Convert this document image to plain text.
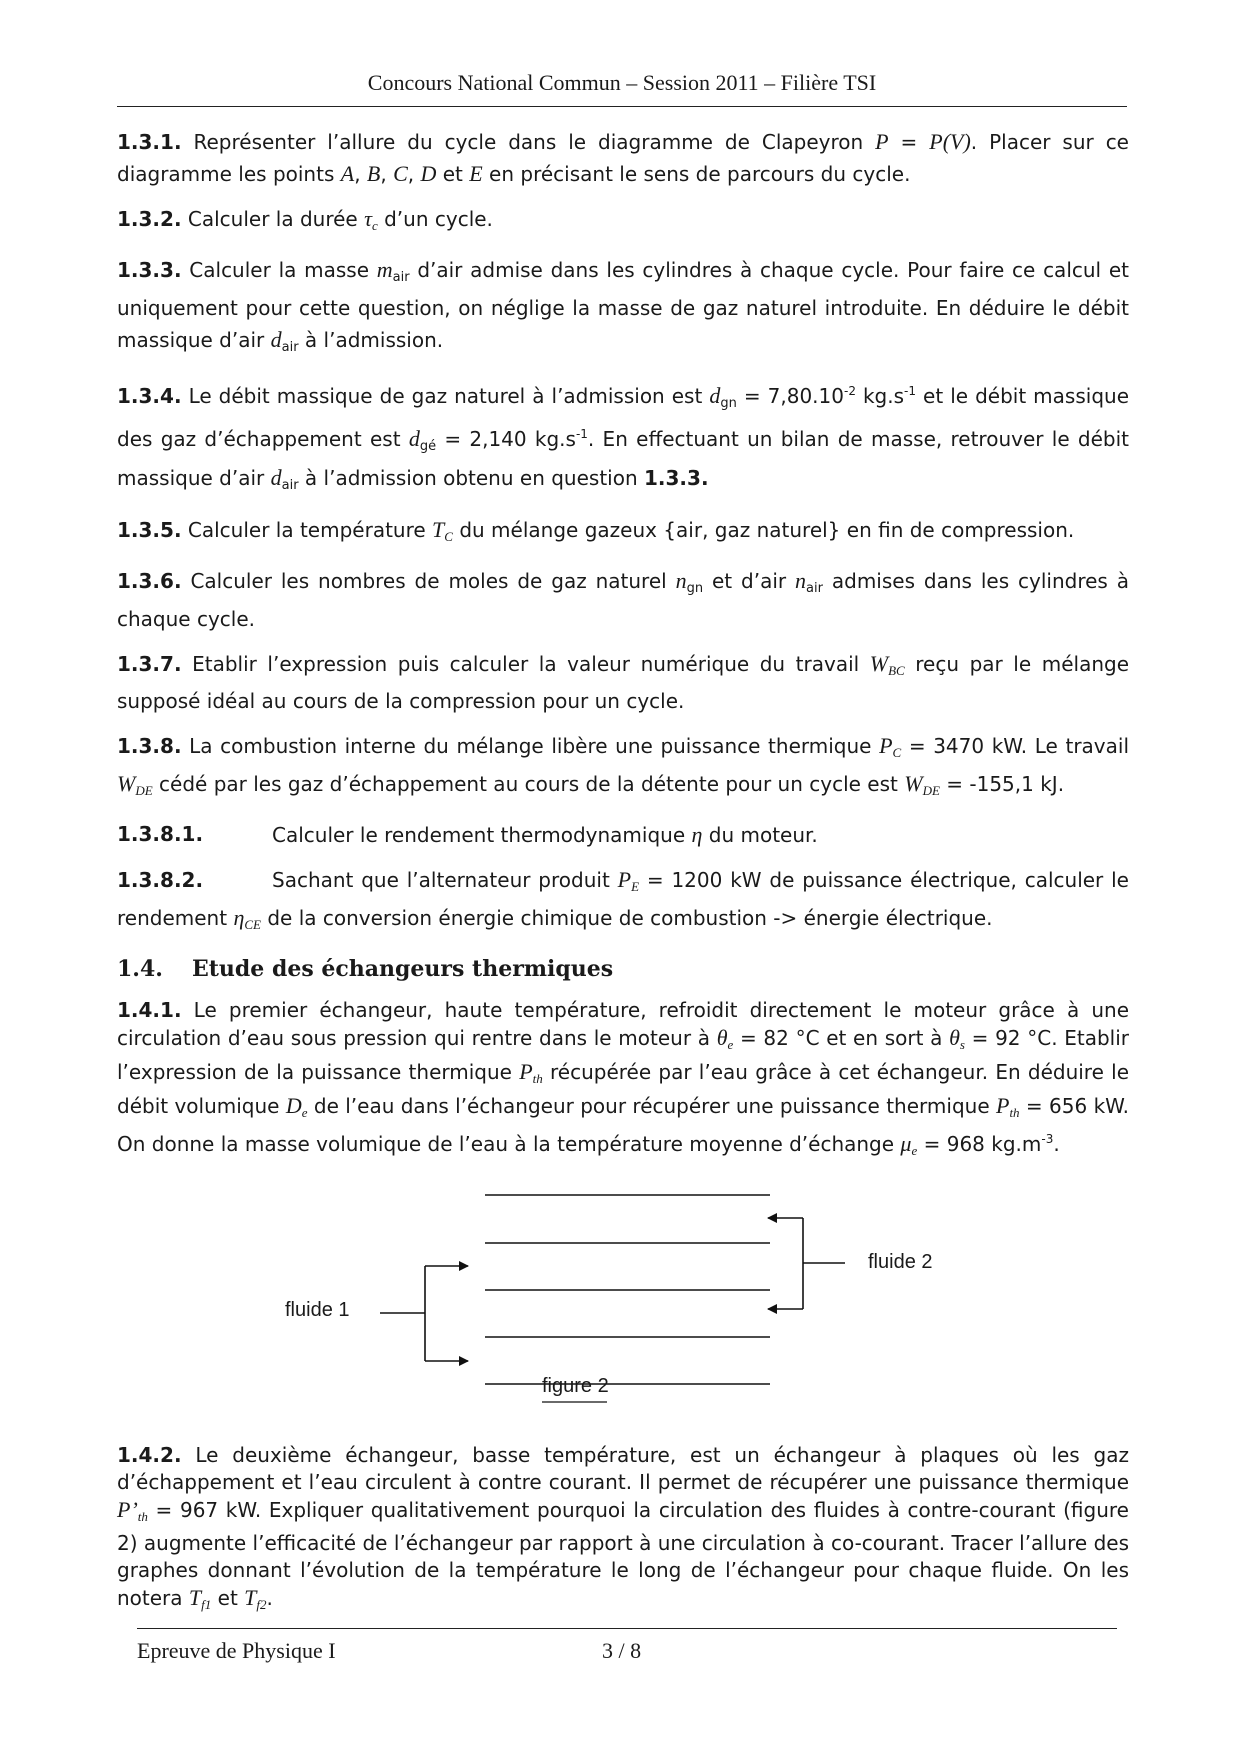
Concours National Commun – Session 2011 – Filière TSI

1.3.1. Représenter l’allure du cycle dans le diagramme de Clapeyron P = P(V). Placer sur ce diagramme les points A, B, C, D et E en précisant le sens de parcours du cycle.

1.3.2. Calculer la durée $\tau_c$ d’un cycle.

1.3.3. Calculer la masse $m_{air}$ d’air admise dans les cylindres à chaque cycle. Pour faire ce calcul et uniquement pour cette question, on néglige la masse de gaz naturel introduite. En déduire le débit massique d’air $d_{air}$ à l’admission.

1.3.4. Le débit massique de gaz naturel à l’admission est $d_{gn} = 7,80.10^{-2}$ $kg.s^{-1}$ et le débit massique des gaz d’échappement est $d_{gé} = 2,140$ $kg.s^{-1}$. En effectuant un bilan de masse, retrouver le débit massique d’air $d_{air}$ à l’admission obtenu en question 1.3.3.

1.3.5. Calculer la température $T_C$ du mélange gazeux {air, gaz naturel} en fin de compression.

1.3.6. Calculer les nombres de moles de gaz naturel $n_{gn}$ et d’air $n_{air}$ admises dans les cylindres à chaque cycle.

1.3.7. Etablir l’expression puis calculer la valeur numérique du travail $W_{BC}$ reçu par le mélange supposé idéal au cours de la compression pour un cycle.

1.3.8. La combustion interne du mélange libère une puissance thermique $P_C = 3470$ kW. Le travail $W_{DE}$ cédé par les gaz d’échappement au cours de la détente pour un cycle est $W_{DE} = -155,1$ kJ.

1.3.8.1.	Calculer le rendement thermodynamique η du moteur.

1.3.8.2.	Sachant que l’alternateur produit $P_E = 1200$ kW de puissance électrique, calculer le rendement $\eta_{CE}$ de la conversion énergie chimique de combustion -> énergie électrique.

1.4. Etude des échangeurs thermiques

1.4.1. Le premier échangeur, haute température, refroidit directement le moteur grâce à une circulation d’eau sous pression qui rentre dans le moteur à $\theta_e = 82$ °C et en sort à $\theta_s = 92$ °C. Etablir l’expression de la puissance thermique $P_{th}$ récupérée par l’eau grâce à cet échangeur. En déduire le débit volumique $D_e$ de l’eau dans l’échangeur pour récupérer une puissance thermique $P_{th} = 656$ kW. On donne la masse volumique de l’eau à la température moyenne d’échange $\mu_e = 968$ $kg.m^{-3}$.

fluide 1
fluide 2
figure 2

1.4.2. Le deuxième échangeur, basse température, est un échangeur à plaques où les gaz d’échappement et l’eau circulent à contre courant. Il permet de récupérer une puissance thermique $P’_{th} = 967$ kW. Expliquer qualitativement pourquoi la circulation des fluides à contre-courant (figure 2) augmente l’efficacité de l’échangeur par rapport à une circulation à co-courant. Tracer l’allure des graphes donnant l’évolution de la température le long de l’échangeur pour chaque fluide. On les notera $T_{f1}$ et $T_{f2}$.

Epreuve de Physique I	3 / 8
